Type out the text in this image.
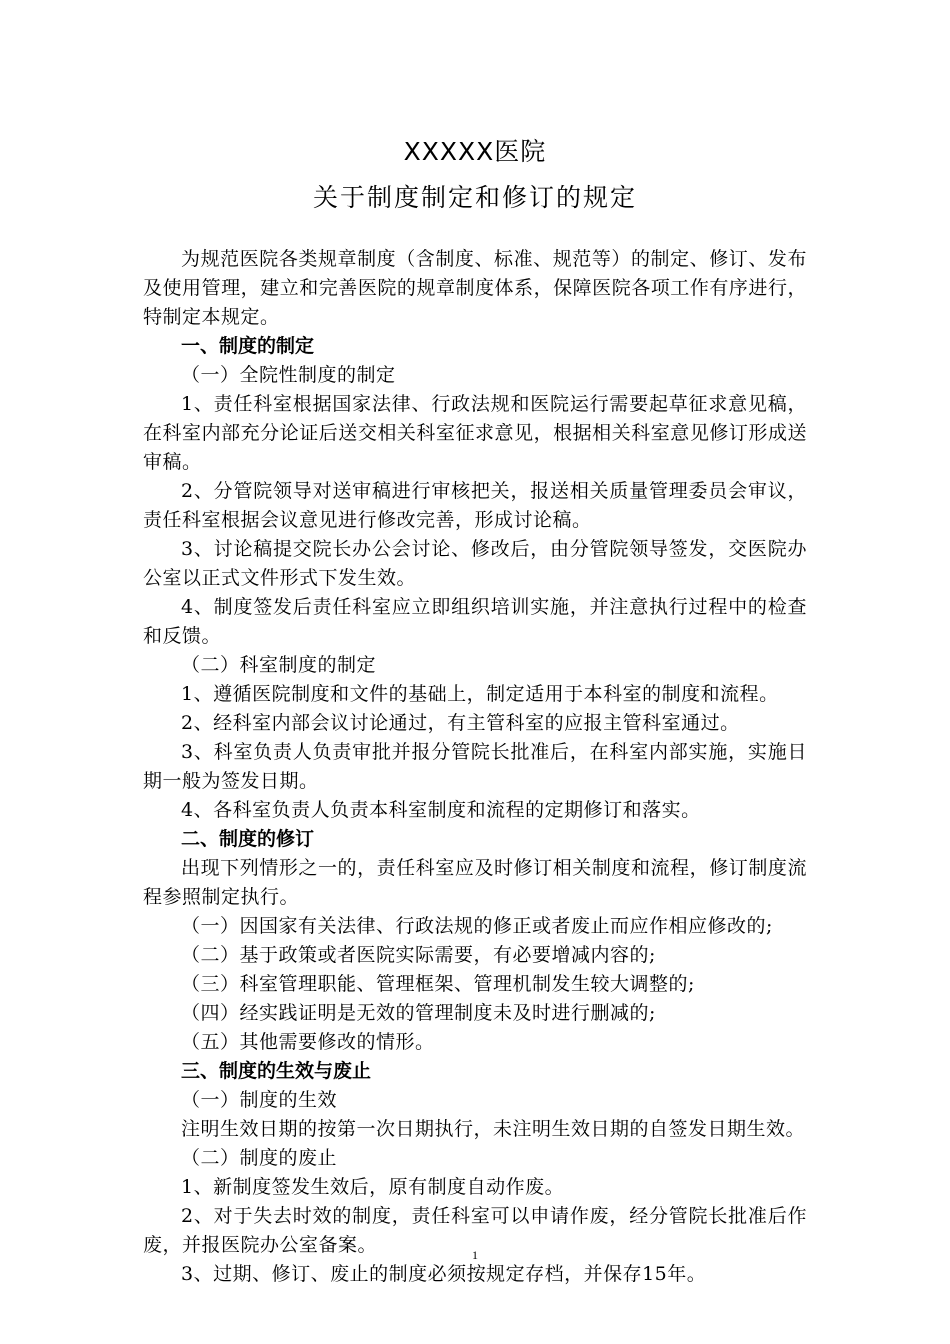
XXXXX医院
关于制度制定和修订的规定

为规范医院各类规章制度（含制度、标准、规范等）的制定、修订、发布及使用管理，建立和完善医院的规章制度体系，保障医院各项工作有序进行，特制定本规定。

一、制度的制定

（一）全院性制度的制定

1、责任科室根据国家法律、行政法规和医院运行需要起草征求意见稿，在科室内部充分论证后送交相关科室征求意见，根据相关科室意见修订形成送审稿。

2、分管院领导对送审稿进行审核把关，报送相关质量管理委员会审议，责任科室根据会议意见进行修改完善，形成讨论稿。

3、讨论稿提交院长办公会讨论、修改后，由分管院领导签发，交医院办公室以正式文件形式下发生效。

4、制度签发后责任科室应立即组织培训实施，并注意执行过程中的检查和反馈。

（二）科室制度的制定

1、遵循医院制度和文件的基础上，制定适用于本科室的制度和流程。

2、经科室内部会议讨论通过，有主管科室的应报主管科室通过。

3、科室负责人负责审批并报分管院长批准后，在科室内部实施，实施日期一般为签发日期。

4、各科室负责人负责本科室制度和流程的定期修订和落实。

二、制度的修订

出现下列情形之一的，责任科室应及时修订相关制度和流程，修订制度流程参照制定执行。

（一）因国家有关法律、行政法规的修正或者废止而应作相应修改的;

（二）基于政策或者医院实际需要，有必要增减内容的;

（三）科室管理职能、管理框架、管理机制发生较大调整的;

（四）经实践证明是无效的管理制度未及时进行删减的;

（五）其他需要修改的情形。

三、制度的生效与废止

（一）制度的生效

注明生效日期的按第一次日期执行，未注明生效日期的自签发日期生效。

（二）制度的废止

1、新制度签发生效后，原有制度自动作废。

2、对于失去时效的制度，责任科室可以申请作废，经分管院长批准后作废，并报医院办公室备案。

3、过期、修订、废止的制度必须按规定存档，并保存15年。

1
